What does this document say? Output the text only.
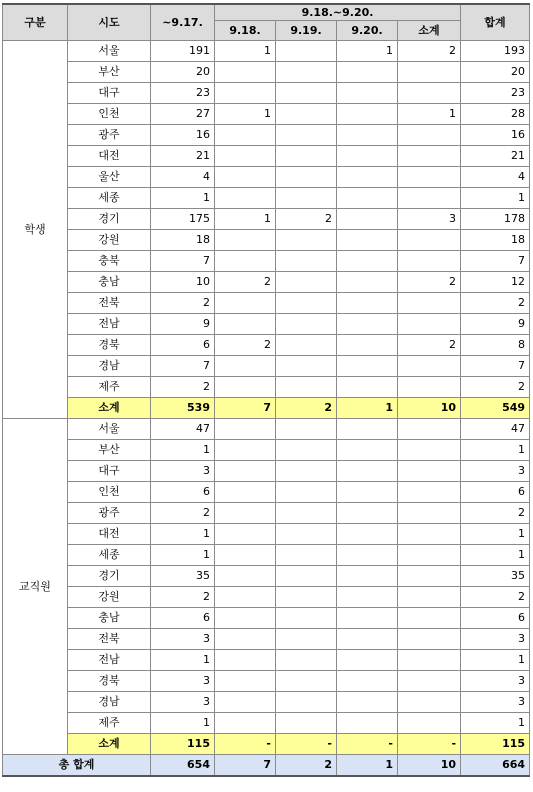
구분	시도	~9.17.	9.18.~9.20.				합계
			9.18.	9.19.	9.20.	소계	
학생	서울	191	1		1	2	193
	부산	20					20
	대구	23					23
	인천	27	1			1	28
	광주	16					16
	대전	21					21
	울산	4					4
	세종	1					1
	경기	175	1	2		3	178
	강원	18					18
	충북	7					7
	충남	10	2			2	12
	전북	2					2
	전남	9					9
	경북	6	2			2	8
	경남	7					7
	제주	2					2
	소계	539	7	2	1	10	549
교직원	서울	47					47
	부산	1					1
	대구	3					3
	인천	6					6
	광주	2					2
	대전	1					1
	세종	1					1
	경기	35					35
	강원	2					2
	충남	6					6
	전북	3					3
	전남	1					1
	경북	3					3
	경남	3					3
	제주	1					1
	소계	115	-	-	-	-	115
총 합계		654	7	2	1	10	664
